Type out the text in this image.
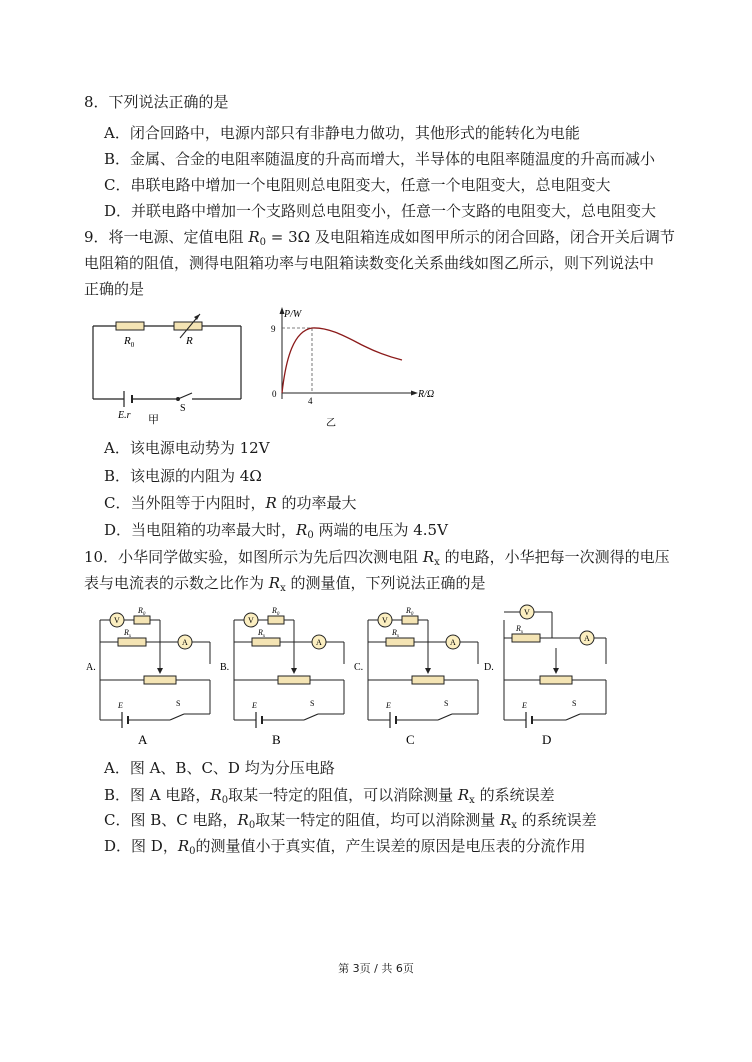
8．下列说法正确的是
A．闭合回路中，电源内部只有非静电力做功，其他形式的能转化为电能
B．金属、合金的电阻率随温度的升高而增大，半导体的电阻率随温度的升高而减小
C．串联电路中增加一个电阻则总电阻变大，任意一个电阻变大，总电阻变大
D．并联电路中增加一个支路则总电阻变小，任意一个支路的电阻变大，总电阻变大
9．将一电源、定值电阻 $R_0 = 3\Omega$ 及电阻箱连成如图甲所示的闭合回路，闭合开关后调节
电阻箱的阻值，测得电阻箱功率与电阻箱读数变化关系曲线如图乙所示，则下列说法中
正确的是
$R_0$	R
E.r
S
甲
P/W
R/Ω
9
4
0
乙
A．该电源电动势为 12V
B．该电源的内阻为 4Ω
C．当外阻等于内阻时，R 的功率最大
D．当电阻箱的功率最大时，$R_0$ 两端的电压为 4.5V
10．小华同学做实验，如图所示为先后四次测电阻 $R_x$ 的电路，小华把每一次测得的电压
表与电流表的示数之比作为 $R_x$ 的测量值，下列说法正确的是
V
A
$R_0$
$R_x$
E	S
A.
A
V
A
$R_0$
$R_x$
E	S
B.
B
V
A
$R_0$
$R_x$
E	S
C.
C
V
A
$R_x$
E	S
D.
D
A．图 A、B、C、D 均为分压电路
B．图 A 电路，$R_0$取某一特定的阻值，可以消除测量 $R_x$ 的系统误差
C．图 B、C 电路，$R_0$取某一特定的阻值，均可以消除测量 $R_x$ 的系统误差
D．图 D，$R_0$的测量值小于真实值，产生误差的原因是电压表的分流作用
第 3页 / 共 6页
